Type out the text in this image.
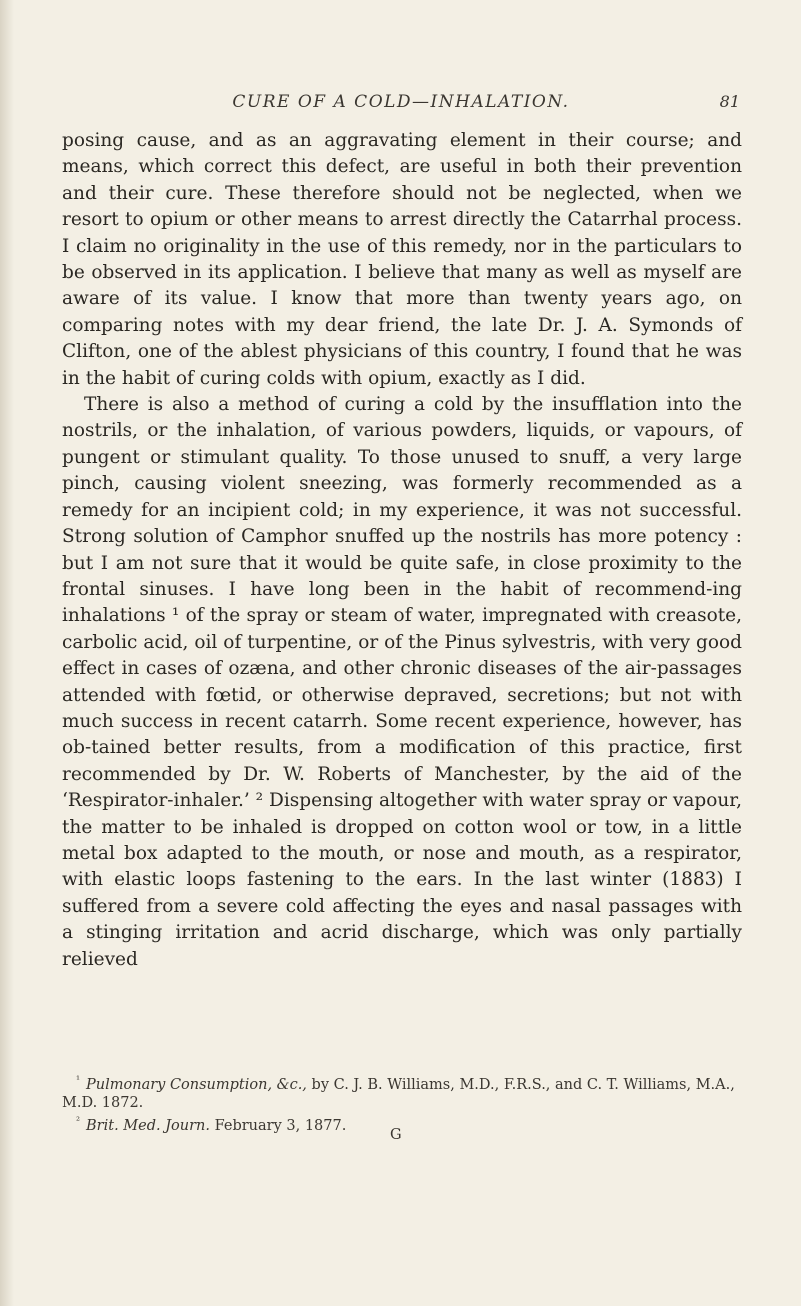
CURE OF A COLD—INHALATION.	81

posing cause, and as an aggravating element in their course; and means, which correct this defect, are useful in both their prevention and their cure. These therefore should not be neglected, when we resort to opium or other means to arrest directly the Catarrhal process. I claim no originality in the use of this remedy, nor in the particulars to be observed in its application. I believe that many as well as myself are aware of its value. I know that more than twenty years ago, on comparing notes with my dear friend, the late Dr. J. A. Symonds of Clifton, one of the ablest physicians of this country, I found that he was in the habit of curing colds with opium, exactly as I did.

There is also a method of curing a cold by the insufflation into the nostrils, or the inhalation, of various powders, liquids, or vapours, of pungent or stimulant quality. To those unused to snuff, a very large pinch, causing violent sneezing, was formerly recommended as a remedy for an incipient cold; in my experience, it was not successful. Strong solution of Camphor snuffed up the nostrils has more potency : but I am not sure that it would be quite safe, in close proximity to the frontal sinuses. I have long been in the habit of recommend-ing inhalations ¹ of the spray or steam of water, impregnated with creasote, carbolic acid, oil of turpentine, or of the Pinus sylvestris, with very good effect in cases of ozæna, and other chronic diseases of the air-passages attended with fœtid, or otherwise depraved, secretions; but not with much success in recent catarrh. Some recent experience, however, has ob-tained better results, from a modification of this practice, first recommended by Dr. W. Roberts of Manchester, by the aid of the ‘Respirator-inhaler.’ ² Dispensing altogether with water spray or vapour, the matter to be inhaled is dropped on cotton wool or tow, in a little metal box adapted to the mouth, or nose and mouth, as a respirator, with elastic loops fastening to the ears. In the last winter (1883) I suffered from a severe cold affecting the eyes and nasal passages with a stinging irritation and acrid discharge, which was only partially relieved

$^{^1}$ Pulmonary Consumption, &c., by C. J. B. Williams, M.D., F.R.S., and C. T. Williams, M.A., M.D. 1872.

$^{^2}$ Brit. Med. Journ. February 3, 1877.

G
